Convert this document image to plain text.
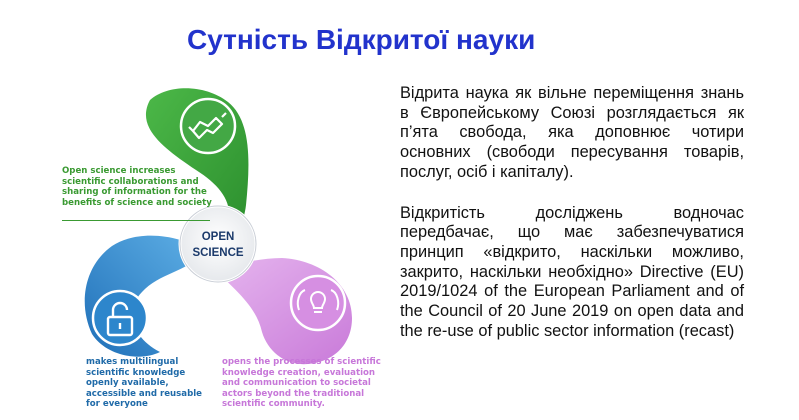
Сутність Відкритої науки
OPEN
SCIENCE
Open science increases scientific collaborations and sharing of information for the benefits of science and society
makes multilingual scientific knowledge openly available, accessible and reusable for everyone
opens the processes of scientific knowledge creation, evaluation and communication to societal actors beyond the traditional scientific community.

Відрита наука як вільне переміщення знань в Європейському Союзі розглядається як п’ята свобода, яка доповнює чотири основних (свободи пересування товарів, послуг, осіб і капіталу).

Відкритість досліджень водночас передбачає, що має забезпечуватися принцип «відкрито, наскільки можливо, закрито, наскільки необхідно» Directive (EU) 2019/1024 of the European Parliament and of the Council of 20 June 2019 on open data and the re-use of public sector information (recast)
